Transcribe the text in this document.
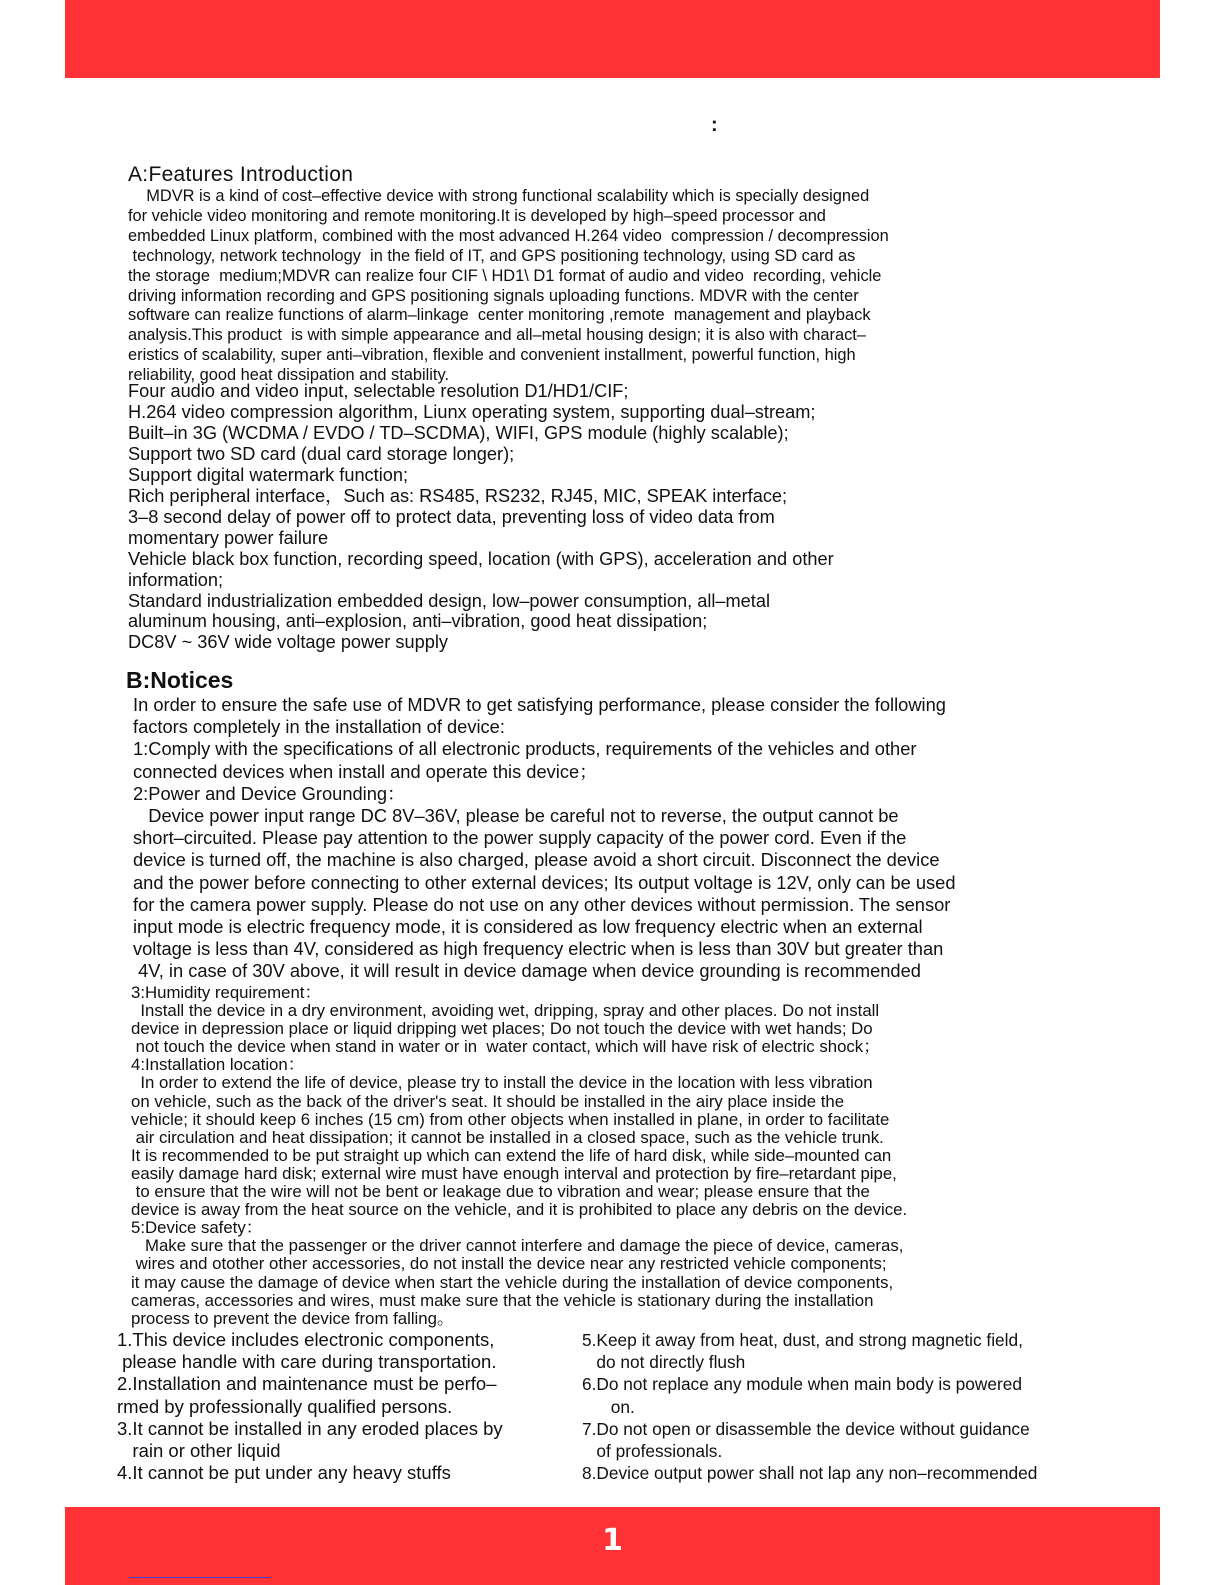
:
A:Features Introduction
MDVR is a kind of cost–effective device with strong functional scalability which is specially designed
for vehicle video monitoring and remote monitoring.It is developed by high–speed processor and
embedded Linux platform, combined with the most advanced H.264 video  compression / decompression
technology, network technology  in the field of IT, and GPS positioning technology, using SD card as
the storage  medium;MDVR can realize four CIF \ HD1\ D1 format of audio and video  recording, vehicle
driving information recording and GPS positioning signals uploading functions. MDVR with the center
software can realize functions of alarm–linkage  center monitoring ,remote  management and playback
analysis.This product  is with simple appearance and all–metal housing design; it is also with charact–
eristics of scalability, super anti–vibration, flexible and convenient installment, powerful function, high
reliability, good heat dissipation and stability.
Four audio and video input, selectable resolution D1/HD1/CIF;
H.264 video compression algorithm, Liunx operating system, supporting dual–stream;
Built–in 3G (WCDMA / EVDO / TD–SCDMA), WIFI, GPS module (highly scalable);
Support two SD card (dual card storage longer);
Support digital watermark function;
Rich peripheral interface，Such as: RS485, RS232, RJ45, MIC, SPEAK interface;
3–8 second delay of power off to protect data, preventing loss of video data from
momentary power failure
Vehicle black box function, recording speed, location (with GPS), acceleration and other
information;
Standard industrialization embedded design, low–power consumption, all–metal
aluminum housing, anti–explosion, anti–vibration, good heat dissipation;
DC8V ~ 36V wide voltage power supply
B:Notices
In order to ensure the safe use of MDVR to get satisfying performance, please consider the following
factors completely in the installation of device:
1:Comply with the specifications of all electronic products, requirements of the vehicles and other
connected devices when install and operate this device；
2:Power and Device Grounding：
Device power input range DC 8V–36V, please be careful not to reverse, the output cannot be
short–circuited. Please pay attention to the power supply capacity of the power cord. Even if the
device is turned off, the machine is also charged, please avoid a short circuit. Disconnect the device
and the power before connecting to other external devices; Its output voltage is 12V, only can be used
for the camera power supply. Please do not use on any other devices without permission. The sensor
input mode is electric frequency mode, it is considered as low frequency electric when an external
voltage is less than 4V, considered as high frequency electric when is less than 30V but greater than
4V, in case of 30V above, it will result in device damage when device grounding is recommended
3:Humidity requirement：
Install the device in a dry environment, avoiding wet, dripping, spray and other places. Do not install
device in depression place or liquid dripping wet places; Do not touch the device with wet hands; Do
not touch the device when stand in water or in  water contact, which will have risk of electric shock；
4:Installation location：
In order to extend the life of device, please try to install the device in the location with less vibration
on vehicle, such as the back of the driver's seat. It should be installed in the airy place inside the
vehicle; it should keep 6 inches (15 cm) from other objects when installed in plane, in order to facilitate
air circulation and heat dissipation; it cannot be installed in a closed space, such as the vehicle trunk.
It is recommended to be put straight up which can extend the life of hard disk, while side–mounted can
easily damage hard disk; external wire must have enough interval and protection by fire–retardant pipe,
to ensure that the wire will not be bent or leakage due to vibration and wear; please ensure that the
device is away from the heat source on the vehicle, and it is prohibited to place any debris on the device.
5:Device safety：
Make sure that the passenger or the driver cannot interfere and damage the piece of device, cameras,
wires and otother other accessories, do not install the device near any restricted vehicle components;
it may cause the damage of device when start the vehicle during the installation of device components,
cameras, accessories and wires, must make sure that the vehicle is stationary during the installation
process to prevent the device from falling。
1.This device includes electronic components,
please handle with care during transportation.
2.Installation and maintenance must be perfo–
rmed by professionally qualified persons.
3.It cannot be installed in any eroded places by
rain or other liquid
4.It cannot be put under any heavy stuffs
5.Keep it away from heat, dust, and strong magnetic field,
do not directly flush
6.Do not replace any module when main body is powered
on.
7.Do not open or disassemble the device without guidance
of professionals.
8.Device output power shall not lap any non–recommended
1
